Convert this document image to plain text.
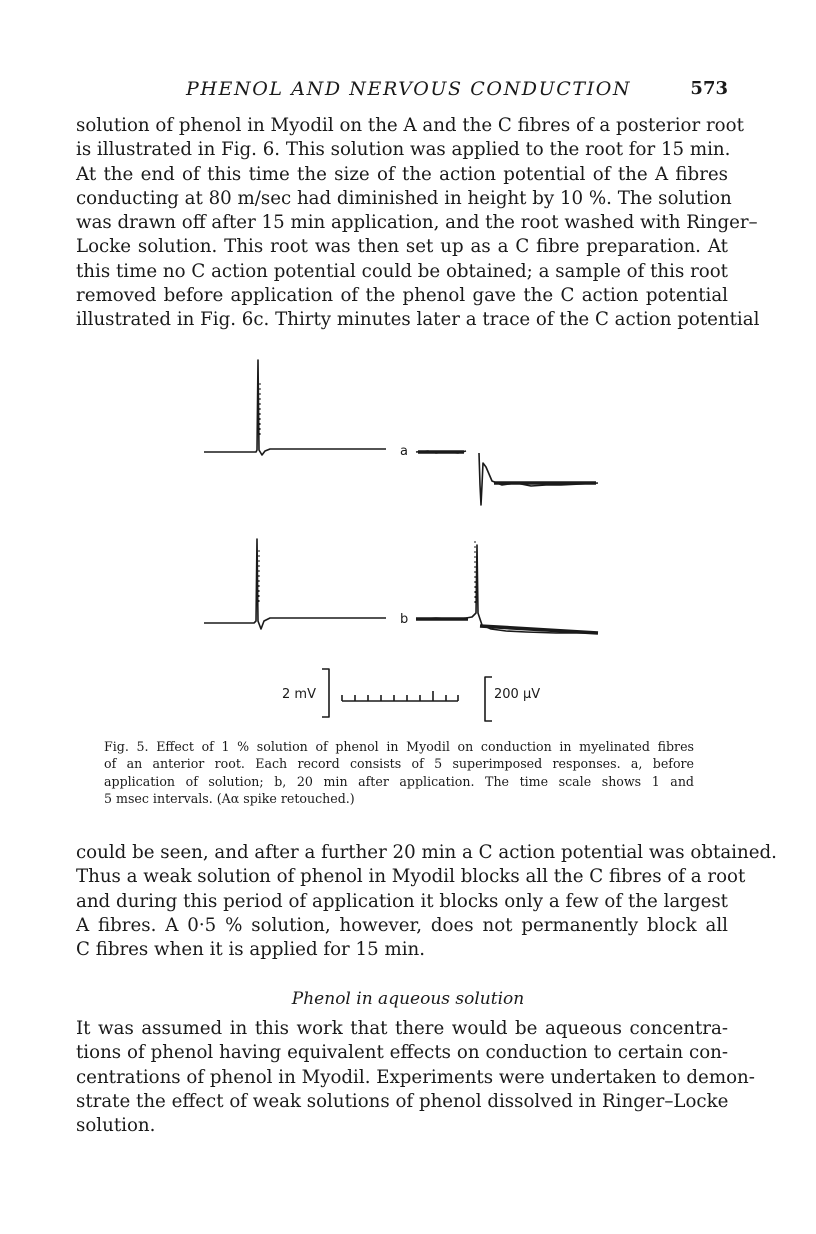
PHENOL AND NERVOUS CONDUCTION	573
solution of phenol in Myodil on the A and the C fibres of a posterior root
is illustrated in Fig. 6. This solution was applied to the root for 15 min.
At the end of this time the size of the action potential of the A fibres
conducting at 80 m/sec had diminished in height by 10 %. The solution
was drawn off after 15 min application, and the root washed with Ringer–
Locke solution. This root was then set up as a C fibre preparation. At
this time no C action potential could be obtained; a sample of this root
removed before application of the phenol gave the C action potential
illustrated in Fig. 6c. Thirty minutes later a trace of the C action potential
a
b
2 mV	200 µV
Fig. 5. Effect of 1 % solution of phenol in Myodil on conduction in myelinated fibres
of an anterior root. Each record consists of 5 superimposed responses. a, before
application of solution; b, 20 min after application. The time scale shows 1 and
5 msec intervals. (Aα spike retouched.)
could be seen, and after a further 20 min a C action potential was obtained.
Thus a weak solution of phenol in Myodil blocks all the C fibres of a root
and during this period of application it blocks only a few of the largest
A fibres. A 0·5 % solution, however, does not permanently block all
C fibres when it is applied for 15 min.
Phenol in aqueous solution
It was assumed in this work that there would be aqueous concentra-
tions of phenol having equivalent effects on conduction to certain con-
centrations of phenol in Myodil. Experiments were undertaken to demon-
strate the effect of weak solutions of phenol dissolved in Ringer–Locke
solution.
